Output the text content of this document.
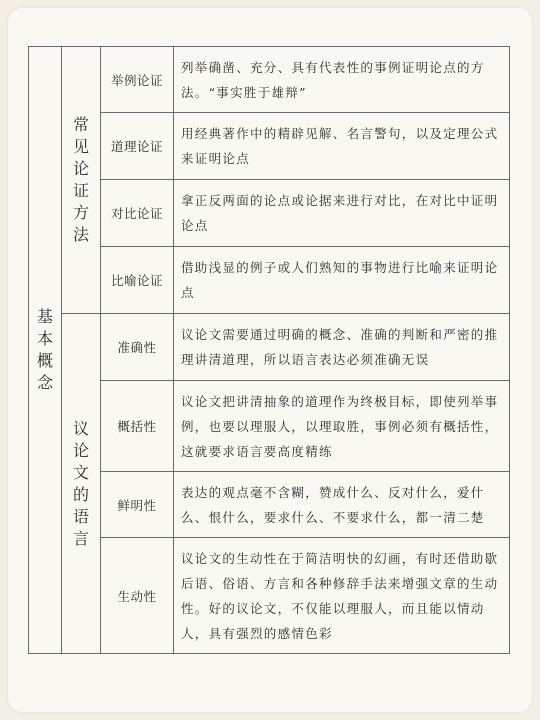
基本概念	常见论证方法	举例论证	列举确凿、充分、具有代表性的事例证明论点的方法。“事实胜于雄辩”
		道理论证	用经典著作中的精辟见解、名言警句，以及定理公式来证明论点
		对比论证	拿正反两面的论点或论据来进行对比，在对比中证明论点
		比喻论证	借助浅显的例子或人们熟知的事物进行比喻来证明论点
	议论文的语言	准确性	议论文需要通过明确的概念、准确的判断和严密的推理讲清道理，所以语言表达必须准确无误
		概括性	议论文把讲清抽象的道理作为终极目标，即使列举事例，也要以理服人，以理取胜，事例必须有概括性，这就要求语言要高度精练
		鲜明性	表达的观点毫不含糊，赞成什么、反对什么，爱什么、恨什么，要求什么、不要求什么，都一清二楚
		生动性	议论文的生动性在于简洁明快的幻画，有时还借助歇后语、俗语、方言和各种修辞手法来增强文章的生动性。好的议论文，不仅能以理服人，而且能以情动人，具有强烈的感情色彩
